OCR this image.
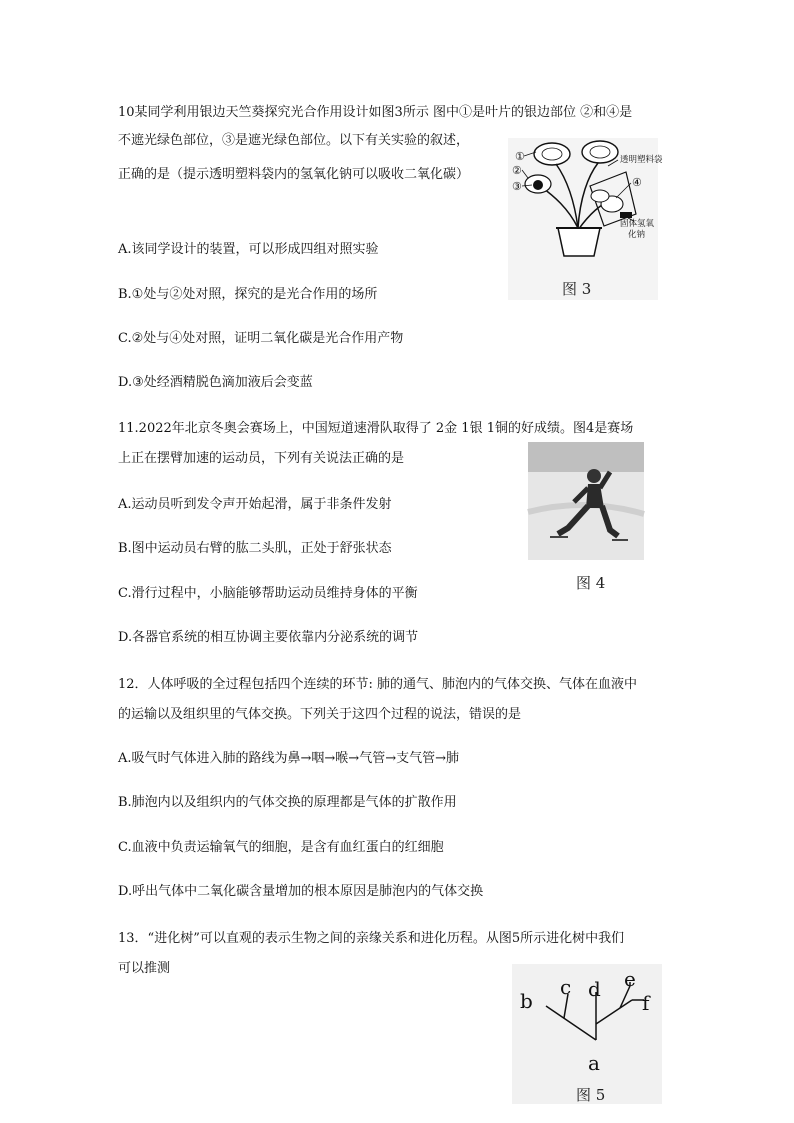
10某同学利用银边天竺葵探究光合作用设计如图3所示 图中①是叶片的银边部位 ②和④是
不遮光绿色部位，③是遮光绿色部位。以下有关实验的叙述，
正确的是（提示透明塑料袋内的氢氧化钠可以吸收二氧化碳）
A.该同学设计的装置，可以形成四组对照实验
B.①处与②处对照，探究的是光合作用的场所
C.②处与④处对照，证明二氧化碳是光合作用产物
D.③处经酒精脱色滴加液后会变蓝
①
②
③	④
透明塑料袋
固体氢氧
化钠
图 3
11.2022年北京冬奥会赛场上，中国短道速滑队取得了 2金 1银 1铜的好成绩。图4是赛场
上正在摆臂加速的运动员，下列有关说法正确的是
A.运动员听到发令声开始起滑，属于非条件发射
B.图中运动员右臂的肱二头肌，正处于舒张状态
C.滑行过程中，小脑能够帮助运动员维持身体的平衡
D.各器官系统的相互协调主要依靠内分泌系统的调节
图 4
12．人体呼吸的全过程包括四个连续的环节: 肺的通气、肺泡内的气体交换、气体在血液中
的运输以及组织里的气体交换。下列关于这四个过程的说法，错误的是
A.吸气时气体进入肺的路线为鼻→咽→喉→气管→支气管→肺
B.肺泡内以及组织内的气体交换的原理都是气体的扩散作用
C.血液中负责运输氧气的细胞，是含有血红蛋白的红细胞
D.呼出气体中二氧化碳含量增加的根本原因是肺泡内的气体交换
13．“进化树”可以直观的表示生物之间的亲缘关系和进化历程。从图5所示进化树中我们
可以推测
b
c d e
f
a
图 5
